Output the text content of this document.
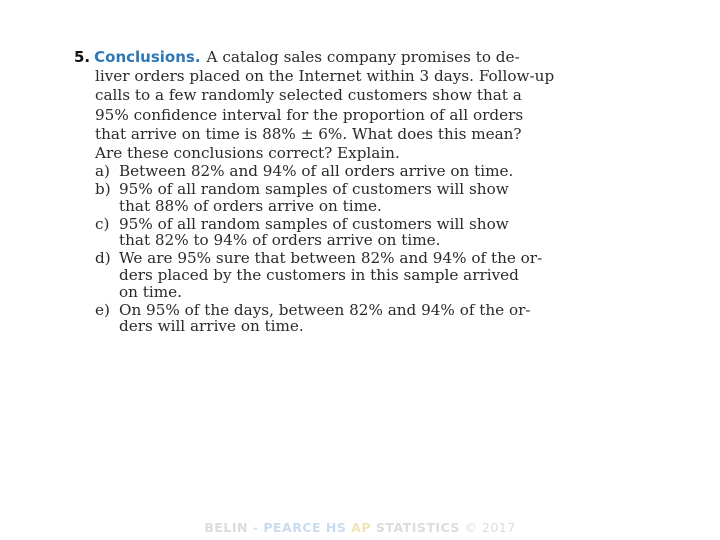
5. Conclusions. A catalog sales company promises to de-
liver orders placed on the Internet within 3 days. Follow-up
calls to a few randomly selected customers show that a
95% confidence interval for the proportion of all orders
that arrive on time is 88% ± 6%. What does this mean?
Are these conclusions correct? Explain.

a) Between 82% and 94% of all orders arrive on time.
b) 95% of all random samples of customers will show
that 88% of orders arrive on time.
c) 95% of all random samples of customers will show
that 82% to 94% of orders arrive on time.
d) We are 95% sure that between 82% and 94% of the or-
ders placed by the customers in this sample arrived
on time.
e) On 95% of the days, between 82% and 94% of the or-
ders will arrive on time.
BELIN - PEARCE HS AP STATISTICS © 2017
